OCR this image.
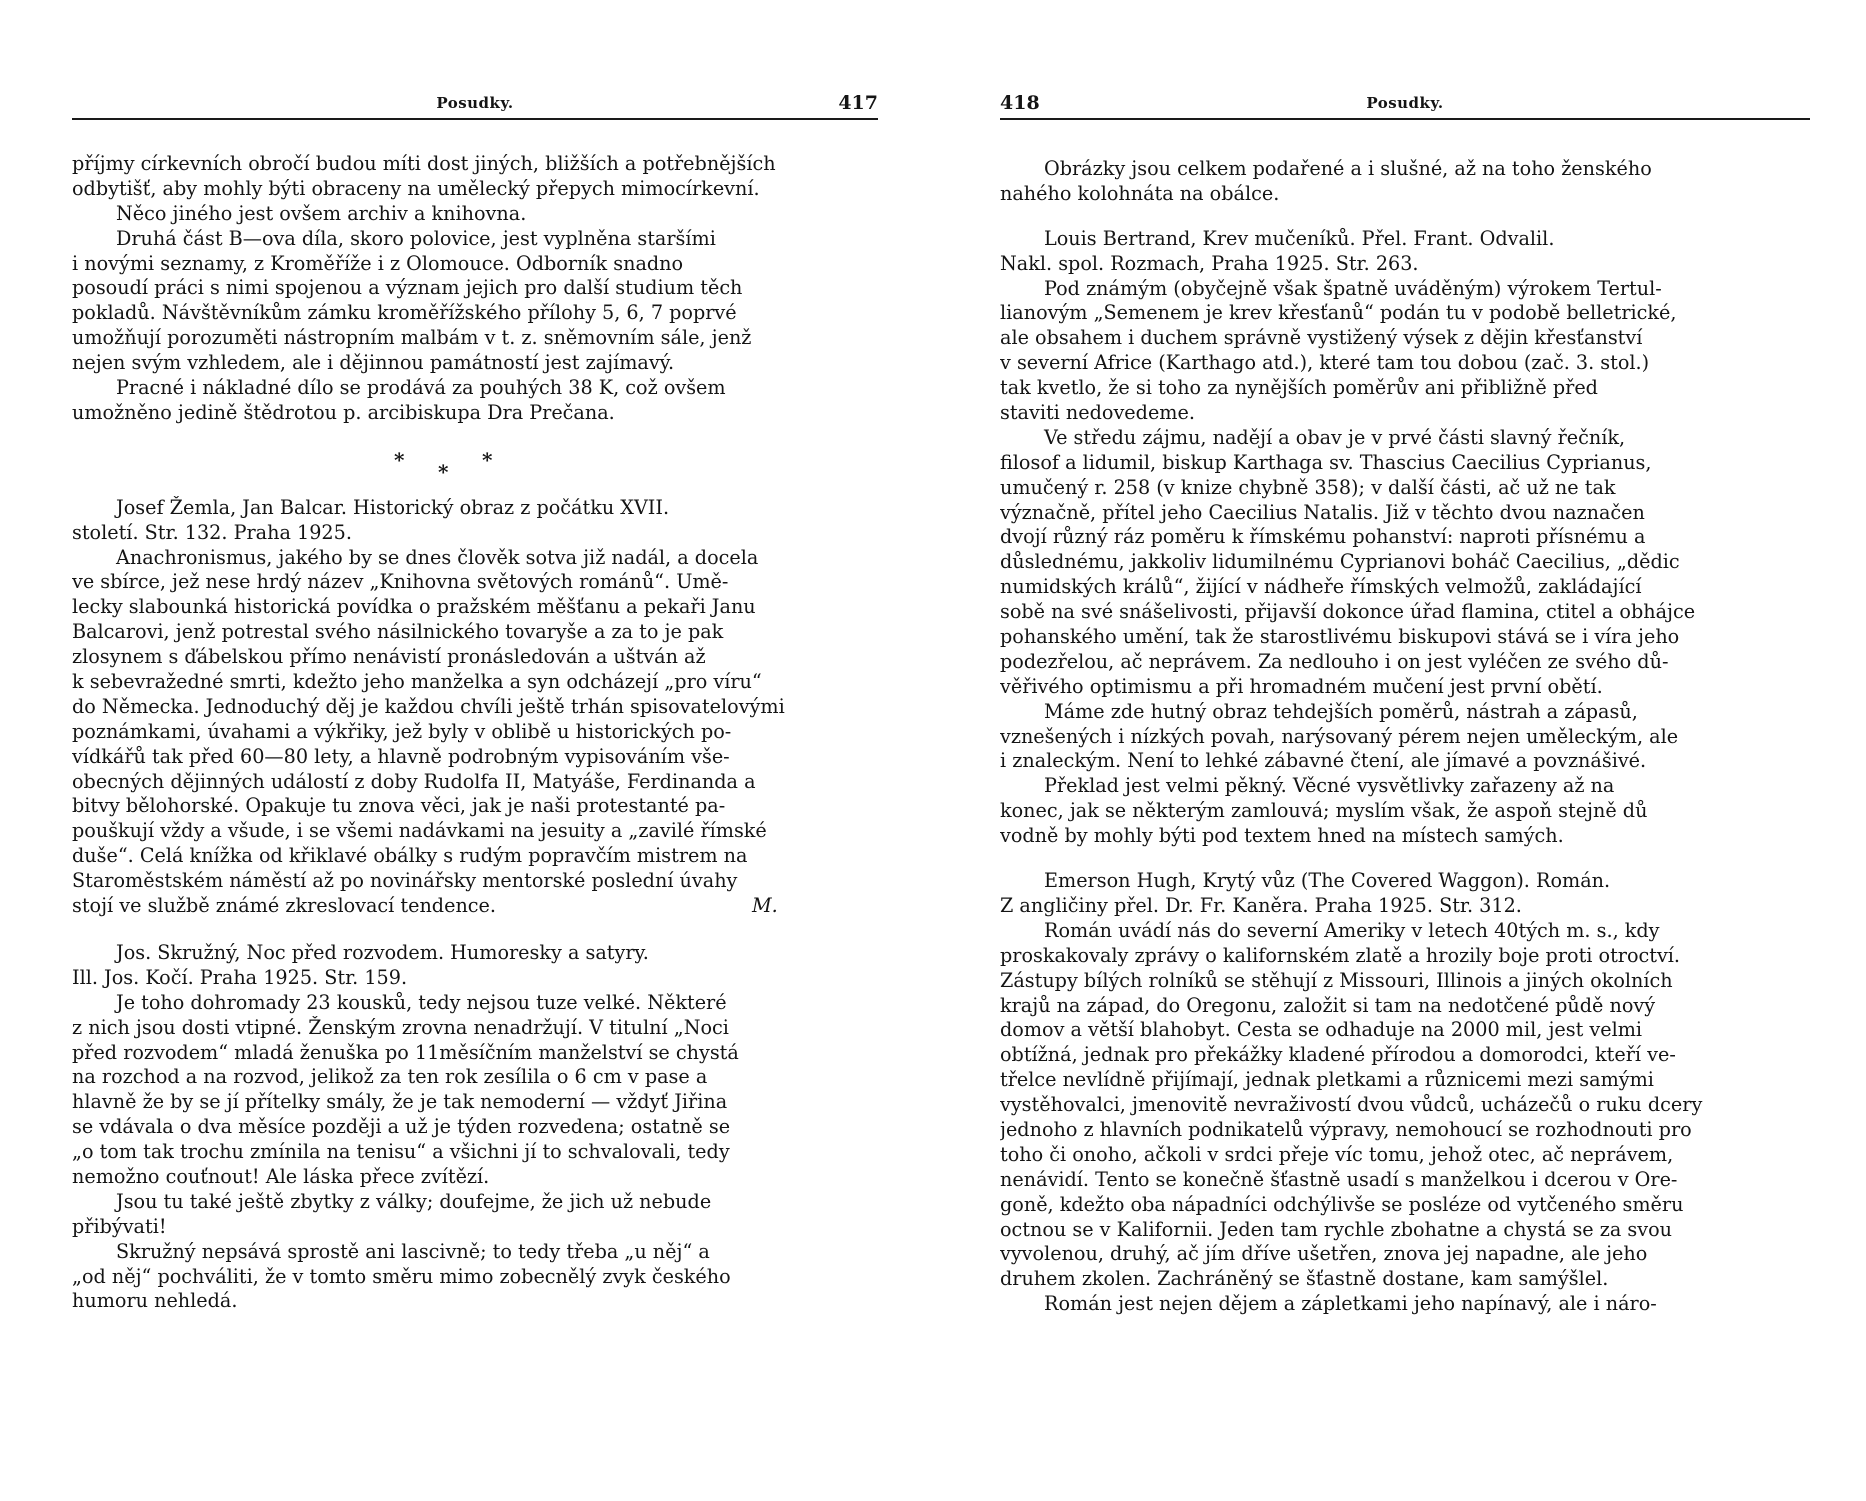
Posudky.	417
příjmy církevních obročí budou míti dost jiných, bližších a potřebnějších
odbytišť, aby mohly býti obraceny na umělecký přepych mimocírkevní.
Něco jiného jest ovšem archiv a knihovna.
Druhá část B—ova díla, skoro polovice, jest vyplněna staršími
i novými seznamy, z Kroměříže i z Olomouce. Odborník snadno
posoudí práci s nimi spojenou a význam jejich pro další studium těch
pokladů. Návštěvníkům zámku kroměřížského přílohy 5, 6, 7 poprvé
umožňují porozuměti nástropním malbám v t. z. sněmovním sále, jenž
nejen svým vzhledem, ale i dějinnou památností jest zajímavý.
Pracné i nákladné dílo se prodává za pouhých 38 K, což ovšem
umožněno jedině štědrotou p. arcibiskupa Dra Prečana.
* * *
Josef Žemla, Jan Balcar. Historický obraz z počátku XVII.
století. Str. 132. Praha 1925.
Anachronismus, jakého by se dnes člověk sotva již nadál, a docela
ve sbírce, jež nese hrdý název „Knihovna světových románů“. Umě-
lecky slabounká historická povídka o pražském měšťanu a pekaři Janu
Balcarovi, jenž potrestal svého násilnického tovaryše a za to je pak
zlosynem s ďábelskou přímo nenávistí pronásledován a uštván až
k sebevražedné smrti, kdežto jeho manželka a syn odcházejí „pro víru“
do Německa. Jednoduchý děj je každou chvíli ještě trhán spisovatelovými
poznámkami, úvahami a výkřiky, jež byly v oblibě u historických po-
vídkářů tak před 60—80 lety, a hlavně podrobným vypisováním vše-
obecných dějinných událostí z doby Rudolfa II, Matyáše, Ferdinanda a
bitvy bělohorské. Opakuje tu znova věci, jak je naši protestanté pa-
pouškují vždy a všude, i se všemi nadávkami na jesuity a „zavilé římské
duše“. Celá knížka od křiklavé obálky s rudým popravčím mistrem na
Staroměstském náměstí až po novinářsky mentorské poslední úvahy
stojí ve službě známé zkreslovací tendence.	M.
Jos. Skružný, Noc před rozvodem. Humoresky a satyry.
Ill. Jos. Kočí. Praha 1925. Str. 159.
Je toho dohromady 23 kousků, tedy nejsou tuze velké. Některé
z nich jsou dosti vtipné. Ženským zrovna nenadržují. V titulní „Noci
před rozvodem“ mladá ženuška po 11měsíčním manželství se chystá
na rozchod a na rozvod, jelikož za ten rok zesílila o 6 cm v pase a
hlavně že by se jí přítelky smály, že je tak nemoderní — vždyť Jiřina
se vdávala o dva měsíce později a už je týden rozvedena; ostatně se
„o tom tak trochu zmínila na tenisu“ a všichni jí to schvalovali, tedy
nemožno couťnout! Ale láska přece zvítězí.
Jsou tu také ještě zbytky z války; doufejme, že jich už nebude
přibývati!
Skružný nepsává sprostě ani lascivně; to tedy třeba „u něj“ a
„od něj“ pochváliti, že v tomto směru mimo zobecnělý zvyk českého
humoru nehledá.
418	Posudky.
Obrázky jsou celkem podařené a i slušné, až na toho ženského
nahého kolohnáta na obálce.
Louis Bertrand, Krev mučeníků. Přel. Frant. Odvalil.
Nakl. spol. Rozmach, Praha 1925. Str. 263.
Pod známým (obyčejně však špatně uváděným) výrokem Tertul-
lianovým „Semenem je krev křesťanů“ podán tu v podobě belletrické,
ale obsahem i duchem správně vystižený výsek z dějin křesťanství
v severní Africe (Karthago atd.), které tam tou dobou (zač. 3. stol.)
tak kvetlo, že si toho za nynějších poměrův ani přibližně před
staviti nedovedeme.
Ve středu zájmu, nadějí a obav je v prvé části slavný řečník,
filosof a lidumil, biskup Karthaga sv. Thascius Caecilius Cyprianus,
umučený r. 258 (v knize chybně 358); v další části, ač už ne tak
význačně, přítel jeho Caecilius Natalis. Již v těchto dvou naznačen
dvojí různý ráz poměru k římskému pohanství: naproti přísnému a
důslednému, jakkoliv lidumilnému Cyprianovi boháč Caecilius, „dědic
numidských králů“, žijící v nádheře římských velmožů, zakládající
sobě na své snášelivosti, přijavší dokonce úřad flamina, ctitel a obhájce
pohanského umění, tak že starostlivému biskupovi stává se i víra jeho
podezřelou, ač neprávem. Za nedlouho i on jest vyléčen ze svého dů-
věřivého optimismu a při hromadném mučení jest první obětí.
Máme zde hutný obraz tehdejších poměrů, nástrah a zápasů,
vznešených i nízkých povah, narýsovaný pérem nejen uměleckým, ale
i znaleckým. Není to lehké zábavné čtení, ale jímavé a povznášivé.
Překlad jest velmi pěkný. Věcné vysvětlivky zařazeny až na
konec, jak se některým zamlouvá; myslím však, že aspoň stejně dů
vodně by mohly býti pod textem hned na místech samých.
Emerson Hugh, Krytý vůz (The Covered Waggon). Román.
Z angličiny přel. Dr. Fr. Kaněra. Praha 1925. Str. 312.
Román uvádí nás do severní Ameriky v letech 40tých m. s., kdy
proskakovaly zprávy o kalifornském zlatě a hrozily boje proti otroctví.
Zástupy bílých rolníků se stěhují z Missouri, Illinois a jiných okolních
krajů na západ, do Oregonu, založit si tam na nedotčené půdě nový
domov a větší blahobyt. Cesta se odhaduje na 2000 mil, jest velmi
obtížná, jednak pro překážky kladené přírodou a domorodci, kteří ve-
třelce nevlídně přijímají, jednak pletkami a různicemi mezi samými
vystěhovalci, jmenovitě nevraživostí dvou vůdců, ucházečů o ruku dcery
jednoho z hlavních podnikatelů výpravy, nemohoucí se rozhodnouti pro
toho či onoho, ačkoli v srdci přeje víc tomu, jehož otec, ač neprávem,
nenávidí. Tento se konečně šťastně usadí s manželkou i dcerou v Ore-
goně, kdežto oba nápadníci odchýlivše se posléze od vytčeného směru
octnou se v Kalifornii. Jeden tam rychle zbohatne a chystá se za svou
vyvolenou, druhý, ač jím dříve ušetřen, znova jej napadne, ale jeho
druhem zkolen. Zachráněný se šťastně dostane, kam samýšlel.
Román jest nejen dějem a zápletkami jeho napínavý, ale i náro-
